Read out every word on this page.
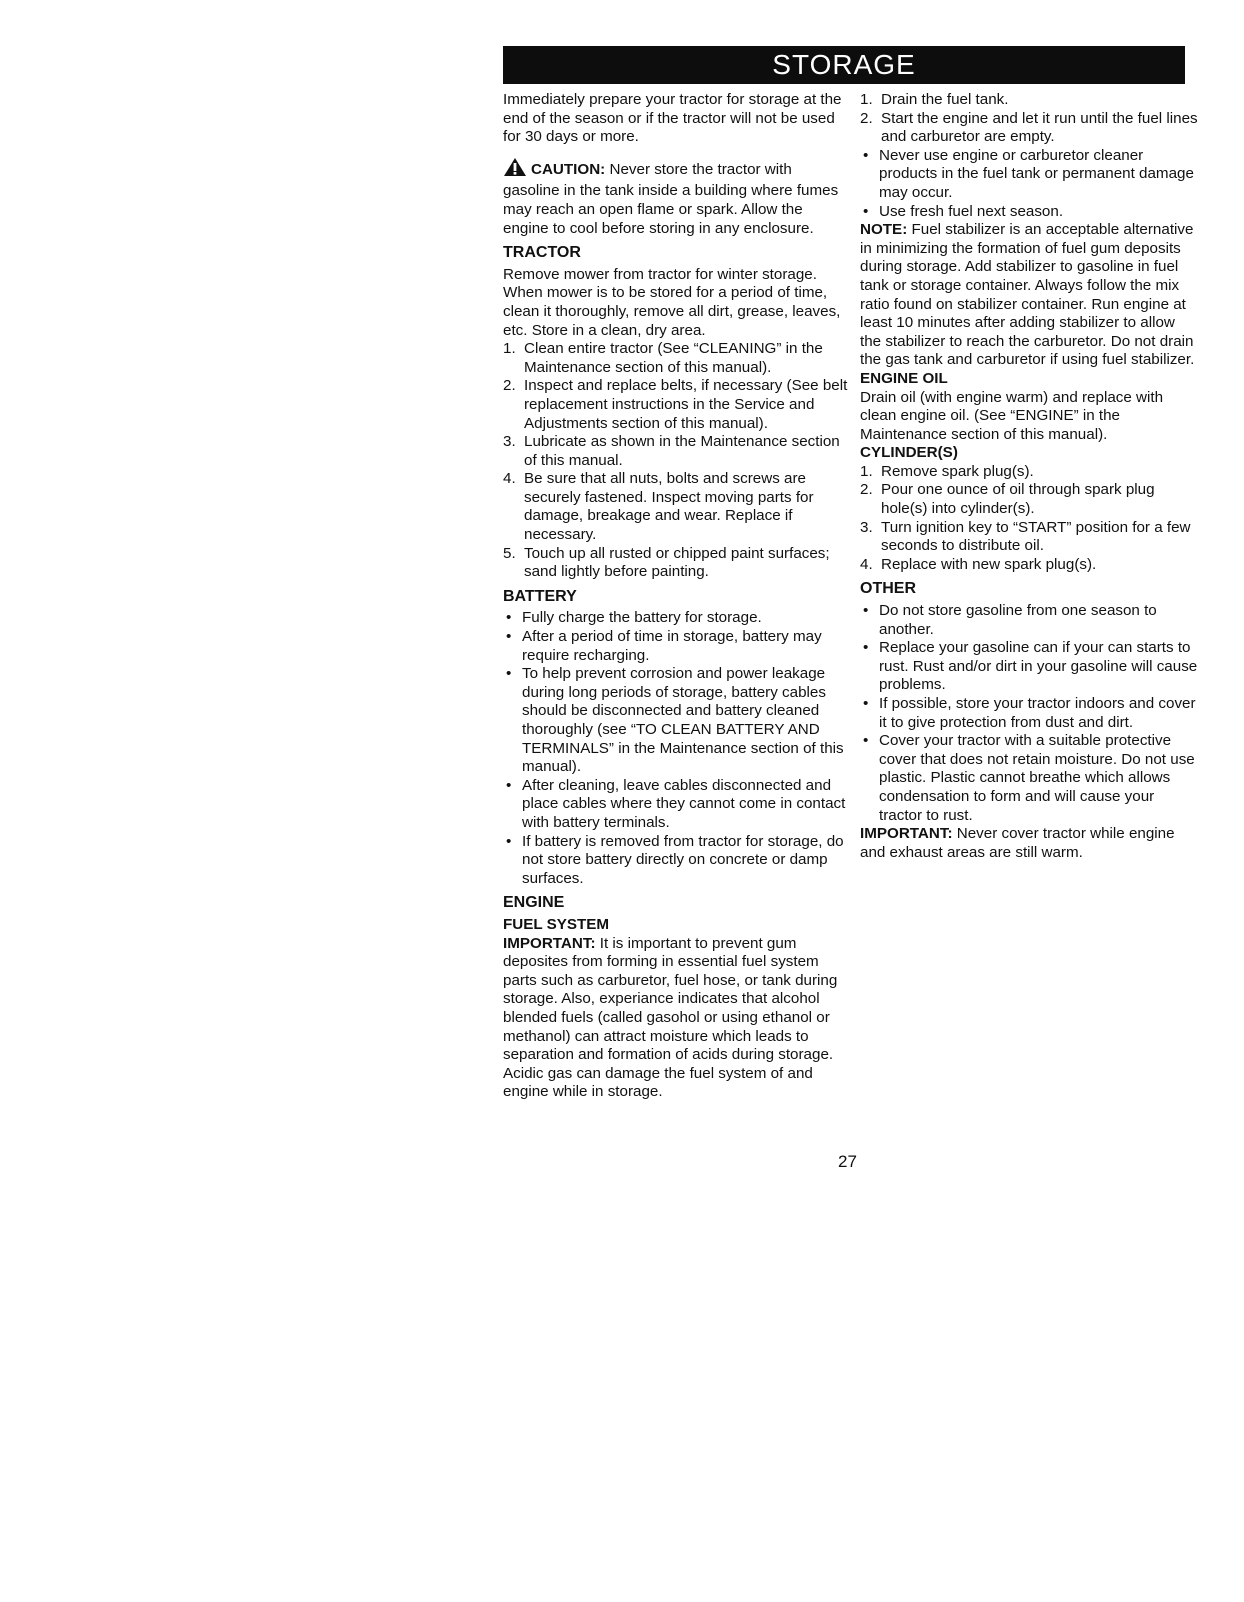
STORAGE

Immediately prepare your tractor for storage at the end of the season or if the tractor will not be used for 30 days or more.

CAUTION: Never store the tractor with gasoline in the tank inside a building where fumes may reach an open flame or spark. Allow the engine to cool before storing in any enclosure.

TRACTOR

Remove mower from tractor for winter storage. When mower is to be stored for a period of time, clean it thoroughly, remove all dirt, grease, leaves, etc. Store in a clean, dry area.

1. Clean entire tractor (See “CLEANING” in the Maintenance section of this manual).
2. Inspect and replace belts, if necessary (See belt replacement instructions in the Service and Adjustments section of this manual).
3. Lubricate as shown in the Maintenance section of this manual.
4. Be sure that all nuts, bolts and screws are securely fastened. Inspect moving parts for damage, breakage and wear. Replace if necessary.
5. Touch up all rusted or chipped paint surfaces; sand lightly before painting.

BATTERY

• Fully charge the battery for storage.
• After a period of time in storage, battery may require recharging.
• To help prevent corrosion and power leakage during long periods of storage, battery cables should be disconnected and battery cleaned thoroughly (see “TO CLEAN BATTERY AND TERMINALS” in the Maintenance section of this manual).
• After cleaning, leave cables disconnected and place cables where they cannot come in contact with battery terminals.
• If battery is removed from tractor for storage, do not store battery directly on concrete or damp surfaces.

ENGINE

FUEL SYSTEM

IMPORTANT: It is important to prevent gum deposites from forming in essential fuel system parts such as carburetor, fuel hose, or tank during storage. Also, experiance indicates that alcohol blended fuels (called gasohol or using ethanol or methanol) can attract moisture which leads to separation and formation of acids during storage. Acidic gas can damage the fuel system of and engine while in storage.

1. Drain the fuel tank.
2. Start the engine and let it run until the fuel lines and carburetor are empty.
• Never use engine or carburetor cleaner products in the fuel tank or permanent damage may occur.
• Use fresh fuel next season.

NOTE: Fuel stabilizer is an acceptable alternative in minimizing the formation of fuel gum deposits during storage. Add stabilizer to gasoline in fuel tank or storage container. Always follow the mix ratio found on stabilizer container. Run engine at least 10 minutes after adding stabilizer to allow the stabilizer to reach the carburetor. Do not drain the gas tank and carburetor if using fuel stabilizer.

ENGINE OIL

Drain oil (with engine warm) and replace with clean engine oil. (See “ENGINE” in the Maintenance section of this manual).

CYLINDER(S)

1. Remove spark plug(s).
2. Pour one ounce of oil through spark plug hole(s) into cylinder(s).
3. Turn ignition key to “START” position for a few seconds to distribute oil.
4. Replace with new spark plug(s).

OTHER

• Do not store gasoline from one season to another.
• Replace your gasoline can if your can starts to rust. Rust and/or dirt in your gasoline will cause problems.
• If possible, store your tractor indoors and cover it to give protection from dust and dirt.
• Cover your tractor with a suitable protective cover that does not retain moisture. Do not use plastic. Plastic cannot breathe which allows condensation to form and will cause your tractor to rust.

IMPORTANT: Never cover tractor while engine and exhaust areas are still warm.

27
